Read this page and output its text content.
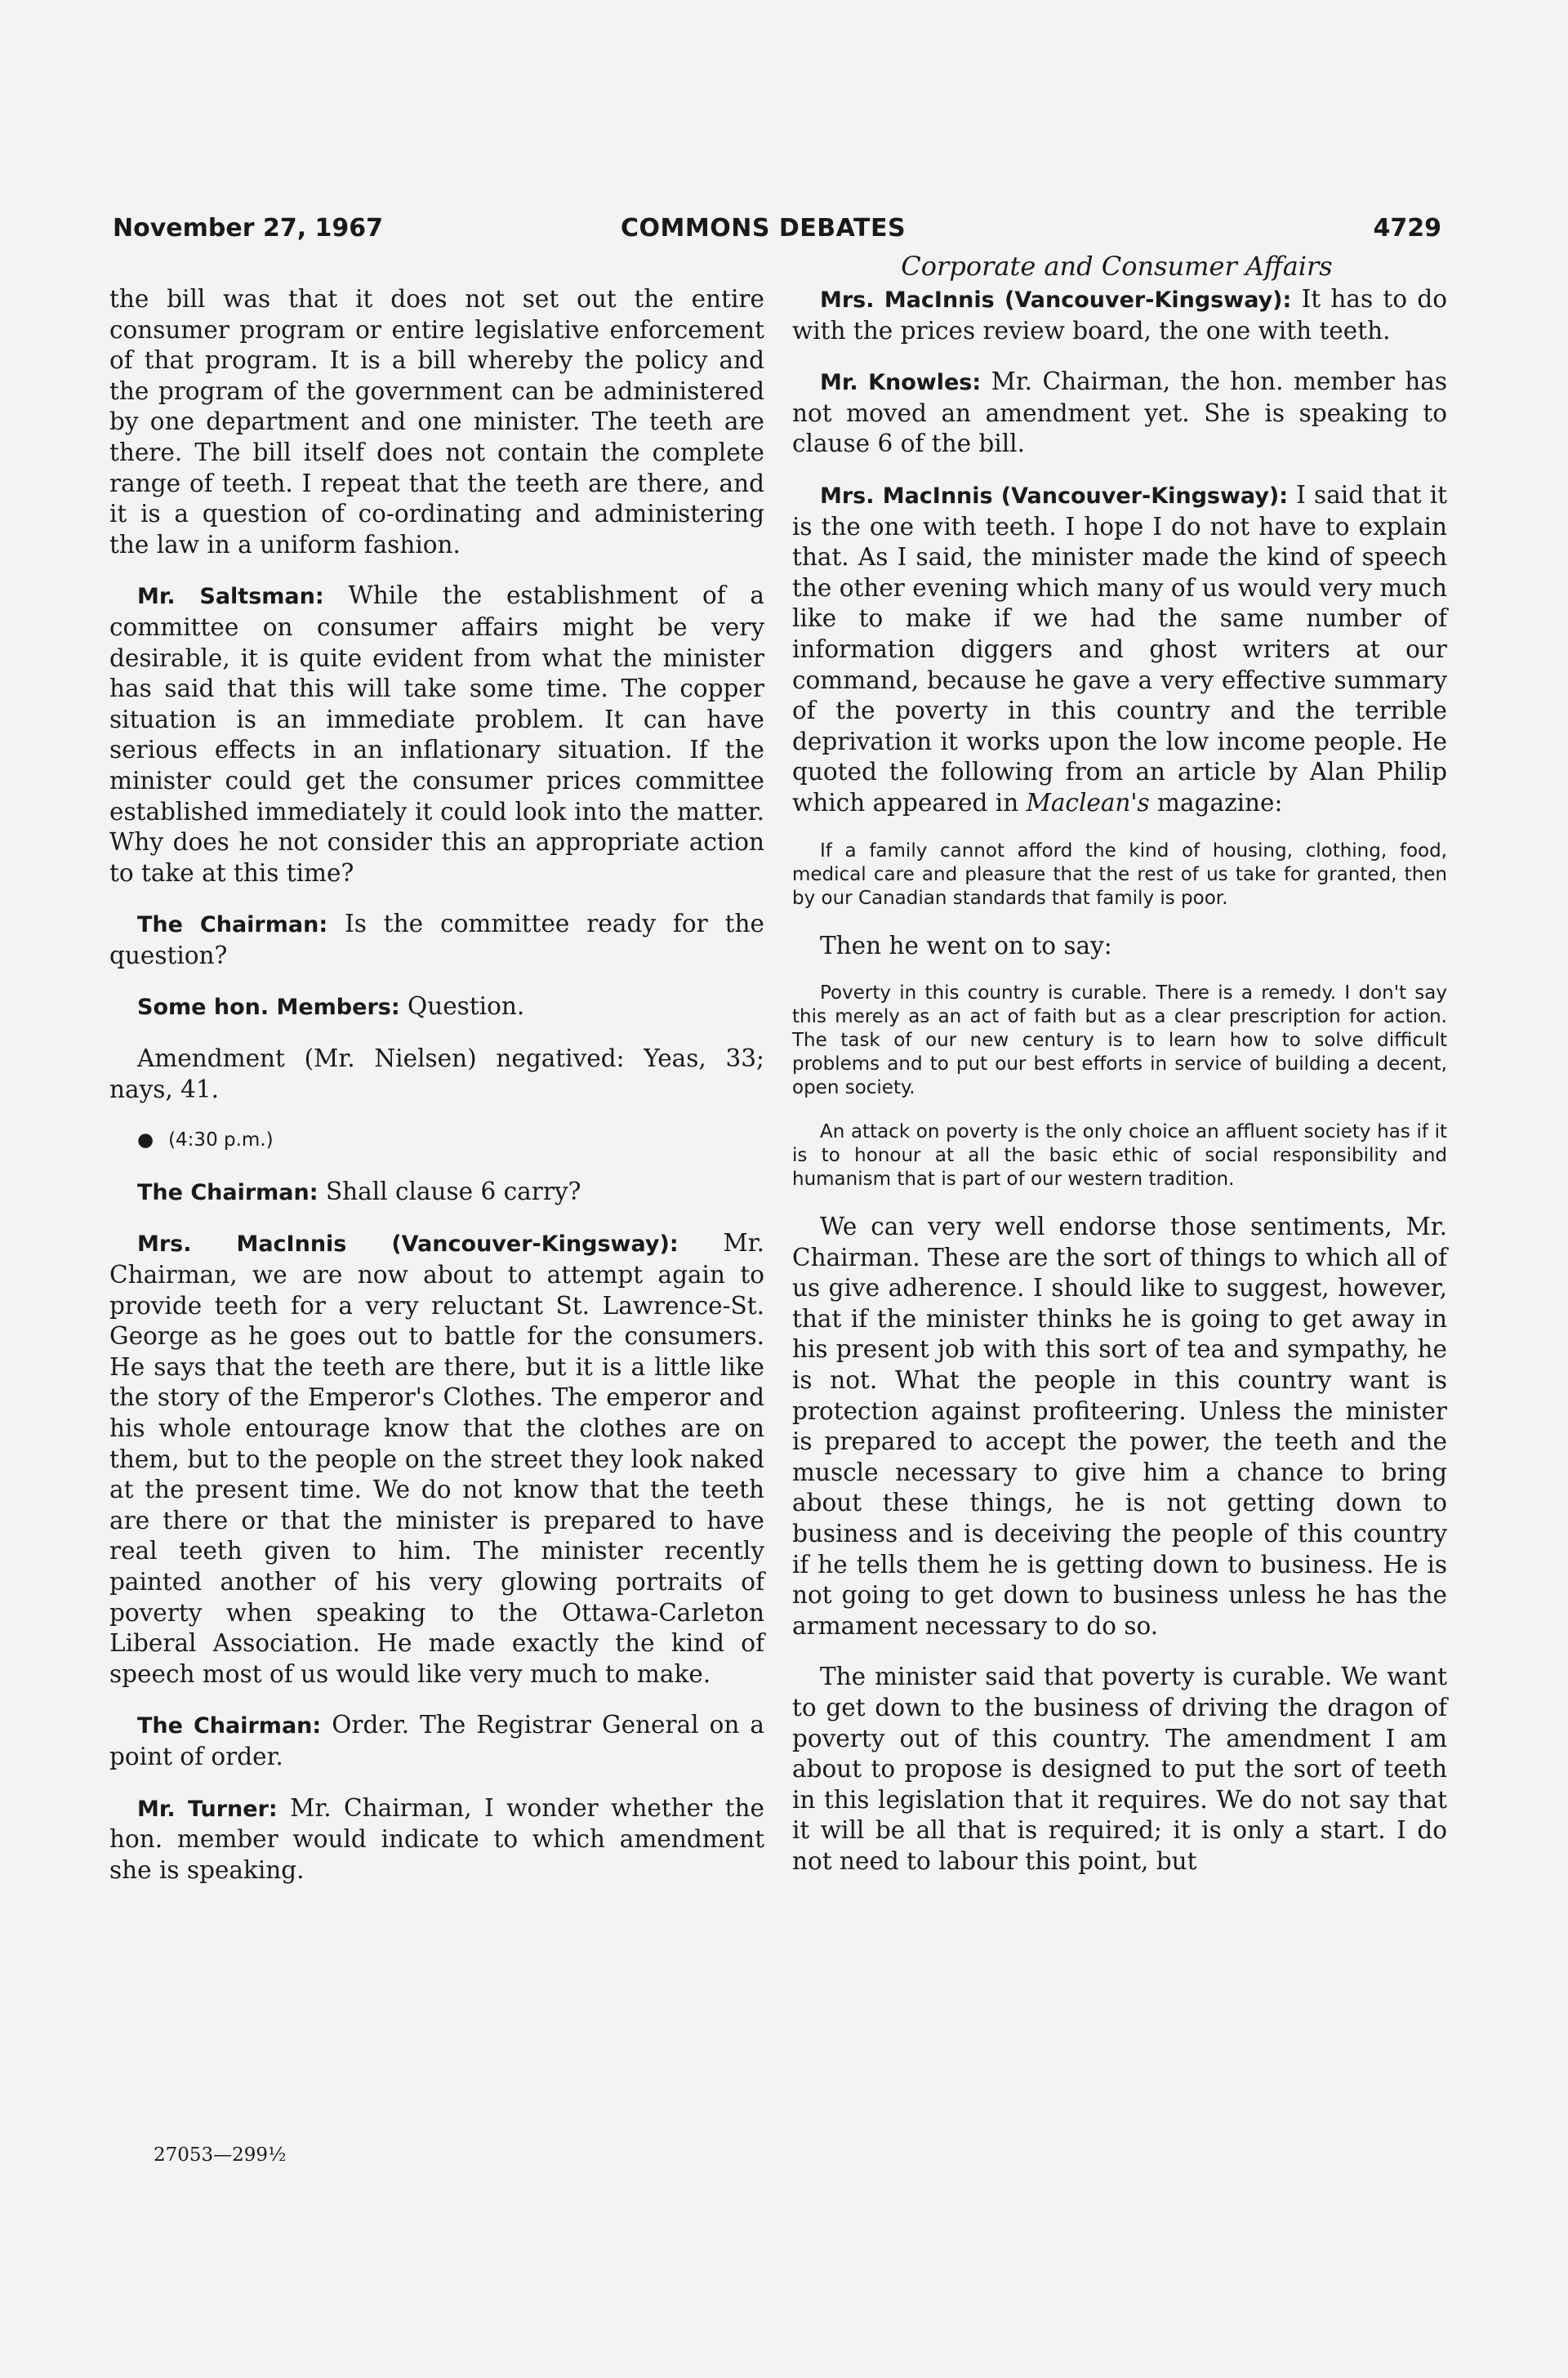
November 27, 1967	COMMONS DEBATES	4729
Corporate and Consumer Affairs

the bill was that it does not set out the entire consumer program or entire legislative enforcement of that program. It is a bill whereby the policy and the program of the government can be administered by one department and one minister. The teeth are there. The bill itself does not contain the complete range of teeth. I repeat that the teeth are there, and it is a question of co-ordinating and administering the law in a uniform fashion.

Mr. Saltsman: While the establishment of a committee on consumer affairs might be very desirable, it is quite evident from what the minister has said that this will take some time. The copper situation is an immediate problem. It can have serious effects in an inflationary situation. If the minister could get the consumer prices committee established immediately it could look into the matter. Why does he not consider this an appropriate action to take at this time?

The Chairman: Is the committee ready for the question?

Some hon. Members: Question.

Amendment (Mr. Nielsen) negatived: Yeas, 33; nays, 41.

● (4:30 p.m.)

The Chairman: Shall clause 6 carry?

Mrs. MacInnis (Vancouver-Kingsway): Mr. Chairman, we are now about to attempt again to provide teeth for a very reluctant St. Lawrence-St. George as he goes out to battle for the consumers. He says that the teeth are there, but it is a little like the story of the Emperor's Clothes. The emperor and his whole entourage know that the clothes are on them, but to the people on the street they look naked at the present time. We do not know that the teeth are there or that the minister is prepared to have real teeth given to him. The minister recently painted another of his very glowing portraits of poverty when speaking to the Ottawa-Carleton Liberal Association. He made exactly the kind of speech most of us would like very much to make.

The Chairman: Order. The Registrar General on a point of order.

Mr. Turner: Mr. Chairman, I wonder whether the hon. member would indicate to which amendment she is speaking.

Mrs. MacInnis (Vancouver-Kingsway): It has to do with the prices review board, the one with teeth.

Mr. Knowles: Mr. Chairman, the hon. member has not moved an amendment yet. She is speaking to clause 6 of the bill.

Mrs. MacInnis (Vancouver-Kingsway): I said that it is the one with teeth. I hope I do not have to explain that. As I said, the minister made the kind of speech the other evening which many of us would very much like to make if we had the same number of information diggers and ghost writers at our command, because he gave a very effective summary of the poverty in this country and the terrible deprivation it works upon the low income people. He quoted the following from an article by Alan Philip which appeared in Maclean's magazine:

If a family cannot afford the kind of housing, clothing, food, medical care and pleasure that the rest of us take for granted, then by our Canadian standards that family is poor.

Then he went on to say:

Poverty in this country is curable. There is a remedy. I don't say this merely as an act of faith but as a clear prescription for action. The task of our new century is to learn how to solve difficult problems and to put our best efforts in service of building a decent, open society.

An attack on poverty is the only choice an affluent society has if it is to honour at all the basic ethic of social responsibility and humanism that is part of our western tradition.

We can very well endorse those sentiments, Mr. Chairman. These are the sort of things to which all of us give adherence. I should like to suggest, however, that if the minister thinks he is going to get away in his present job with this sort of tea and sympathy, he is not. What the people in this country want is protection against profiteering. Unless the minister is prepared to accept the power, the teeth and the muscle necessary to give him a chance to bring about these things, he is not getting down to business and is deceiving the people of this country if he tells them he is getting down to business. He is not going to get down to business unless he has the armament necessary to do so.

The minister said that poverty is curable. We want to get down to the business of driving the dragon of poverty out of this country. The amendment I am about to propose is designed to put the sort of teeth in this legislation that it requires. We do not say that it will be all that is required; it is only a start. I do not need to labour this point, but

27053—299½
